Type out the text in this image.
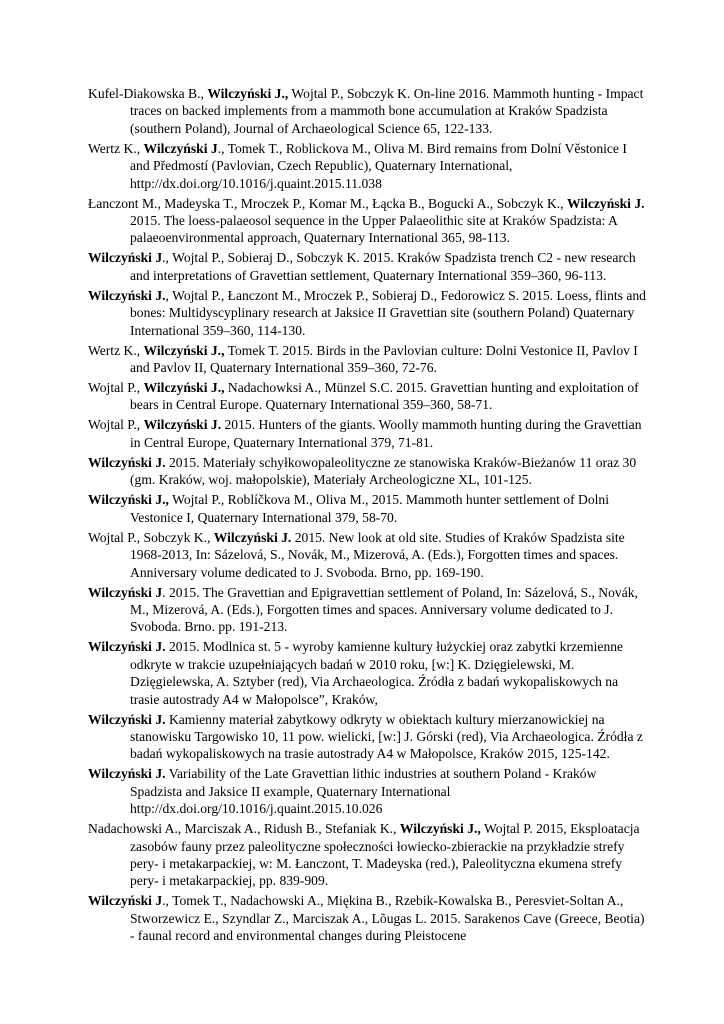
Kufel-Diakowska B., Wilczyński J., Wojtal P., Sobczyk K. On-line 2016. Mammoth hunting - Impact traces on backed implements from a mammoth bone accumulation at Kraków Spadzista (southern Poland), Journal of Archaeological Science 65, 122-133.

Wertz K., Wilczyński J., Tomek T., Roblickova M., Oliva M. Bird remains from Dolní Věstonice I and Předmostí (Pavlovian, Czech Republic), Quaternary International, http://dx.doi.org/10.1016/j.quaint.2015.11.038

Łanczont M., Madeyska T., Mroczek P., Komar M., Łącka B., Bogucki A., Sobczyk K., Wilczyński J. 2015. The loess-palaeosol sequence in the Upper Palaeolithic site at Kraków Spadzista: A palaeoenvironmental approach, Quaternary International 365, 98-113.

Wilczyński J., Wojtal P., Sobieraj D., Sobczyk K. 2015. Kraków Spadzista trench C2 - new research and interpretations of Gravettian settlement, Quaternary International 359–360, 96-113.

Wilczyński J., Wojtal P., Łanczont M., Mroczek P., Sobieraj D., Fedorowicz S. 2015. Loess, flints and bones: Multidyscyplinary research at Jaksice II Gravettian site (southern Poland) Quaternary International 359–360, 114-130.

Wertz K., Wilczyński J., Tomek T. 2015. Birds in the Pavlovian culture: Dolni Vestonice II, Pavlov I and Pavlov II, Quaternary International 359–360, 72-76.

Wojtal P., Wilczyński J., Nadachowksi A., Münzel S.C. 2015. Gravettian hunting and exploitation of bears in Central Europe. Quaternary International 359–360, 58-71.

Wojtal P., Wilczyński J. 2015. Hunters of the giants. Woolly mammoth hunting during the Gravettian in Central Europe, Quaternary International 379, 71-81.

Wilczyński J. 2015. Materiały schyłkowopaleolityczne ze stanowiska Kraków-Bieżanów 11 oraz 30 (gm. Kraków, woj. małopolskie), Materiały Archeologiczne XL, 101-125.

Wilczyński J., Wojtal P., Roblíčkova M., Oliva M., 2015. Mammoth hunter settlement of Dolni Vestonice I, Quaternary International 379, 58-70.

Wojtal P., Sobczyk K., Wilczyński J. 2015. New look at old site. Studies of Kraków Spadzista site 1968-2013, In: Sázelová, S., Novák, M., Mizerová, A. (Eds.), Forgotten times and spaces. Anniversary volume dedicated to J. Svoboda. Brno, pp. 169-190.

Wilczyński J. 2015. The Gravettian and Epigravettian settlement of Poland, In: Sázelová, S., Novák, M., Mizerová, A. (Eds.), Forgotten times and spaces. Anniversary volume dedicated to J. Svoboda. Brno. pp. 191-213.

Wilczyński J. 2015. Modlnica st. 5 - wyroby kamienne kultury łużyckiej oraz zabytki krzemienne odkryte w trakcie uzupełniających badań w 2010 roku, [w:] K. Dzięgielewski, M. Dzięgielewska, A. Sztyber (red), Via Archaeologica. Źródła z badań wykopaliskowych na trasie autostrady A4 w Małopolsce”, Kraków,

Wilczyński J. Kamienny materiał zabytkowy odkryty w obiektach kultury mierzanowickiej na stanowisku Targowisko 10, 11 pow. wielicki, [w:] J. Górski (red), Via Archaeologica. Źródła z badań wykopaliskowych na trasie autostrady A4 w Małopolsce, Kraków 2015, 125-142.

Wilczyński J. Variability of the Late Gravettian lithic industries at southern Poland - Kraków Spadzista and Jaksice II example, Quaternary International http://dx.doi.org/10.1016/j.quaint.2015.10.026

Nadachowski A., Marciszak A., Ridush B., Stefaniak K., Wilczyński J., Wojtal P. 2015, Eksploatacja zasobów fauny przez paleolityczne społeczności łowiecko-zbierackie na przykładzie strefy pery- i metakarpackiej, w: M. Łanczont, T. Madeyska (red.), Paleolityczna ekumena strefy pery- i metakarpackiej, pp. 839-909.

Wilczyński J., Tomek T., Nadachowski A., Miękina B., Rzebik-Kowalska B., Peresviet-Soltan A., Stworzewicz E., Szyndlar Z., Marciszak A., Lõugas L. 2015. Sarakenos Cave (Greece, Beotia) - faunal record and environmental changes during Pleistocene
